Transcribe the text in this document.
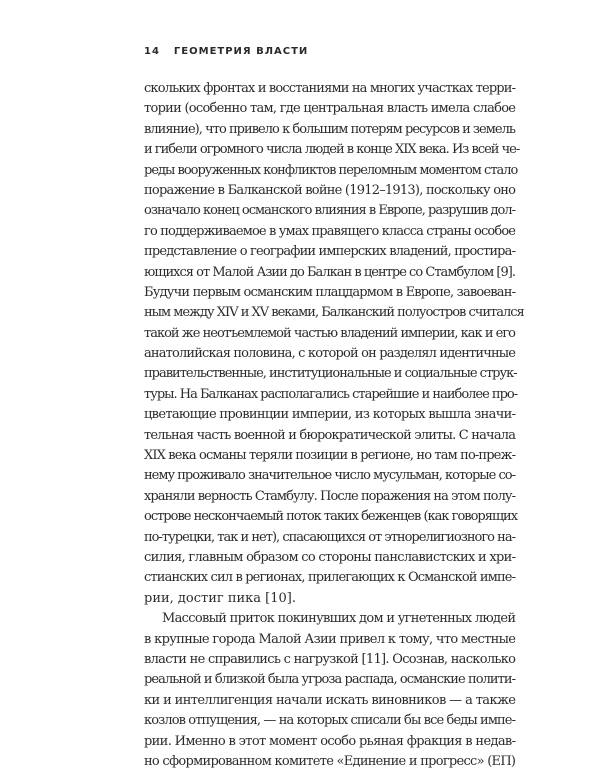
14 ГЕОМЕТРИЯ ВЛАСТИ
скольких фронтах и восстаниями на многих участках терри-
тории (особенно там, где центральная власть имела слабое
влияние), что привело к большим потерям ресурсов и земель
и гибели огромного числа людей в конце XIX века. Из всей че-
реды вооруженных конфликтов переломным моментом стало
поражение в Балканской войне (1912–1913), поскольку оно
означало конец османского влияния в Европе, разрушив дол-
го поддерживаемое в умах правящего класса страны особое
представление о географии имперских владений, простира-
ющихся от Малой Азии до Балкан в центре со Стамбулом [9].
Будучи первым османским плацдармом в Европе, завоеван-
ным между XIV и XV веками, Балканский полуостров считался
такой же неотъемлемой частью владений империи, как и его
анатолийская половина, с которой он разделял идентичные
правительственные, институциональные и социальные струк-
туры. На Балканах располагались старейшие и наиболее про-
цветающие провинции империи, из которых вышла значи-
тельная часть военной и бюрократической элиты. С начала
XIX века османы теряли позиции в регионе, но там по-преж-
нему проживало значительное число мусульман, которые со-
храняли верность Стамбулу. После поражения на этом полу-
острове нескончаемый поток таких беженцев (как говорящих
по-турецки, так и нет), спасающихся от этнорелигиозного на-
силия, главным образом со стороны панславистских и хри-
стианских сил в регионах, прилегающих к Османской импе-
рии, достиг пика [10].
Массовый приток покинувших дом и угнетенных людей
в крупные города Малой Азии привел к тому, что местные
власти не справились с нагрузкой [11]. Осознав, насколько
реальной и близкой была угроза распада, османские полити-
ки и интеллигенция начали искать виновников — а также
козлов отпущения, — на которых списали бы все беды импе-
рии. Именно в этот момент особо рьяная фракция в недав-
но сформированном комитете «Единение и прогресс» (ЕП)
